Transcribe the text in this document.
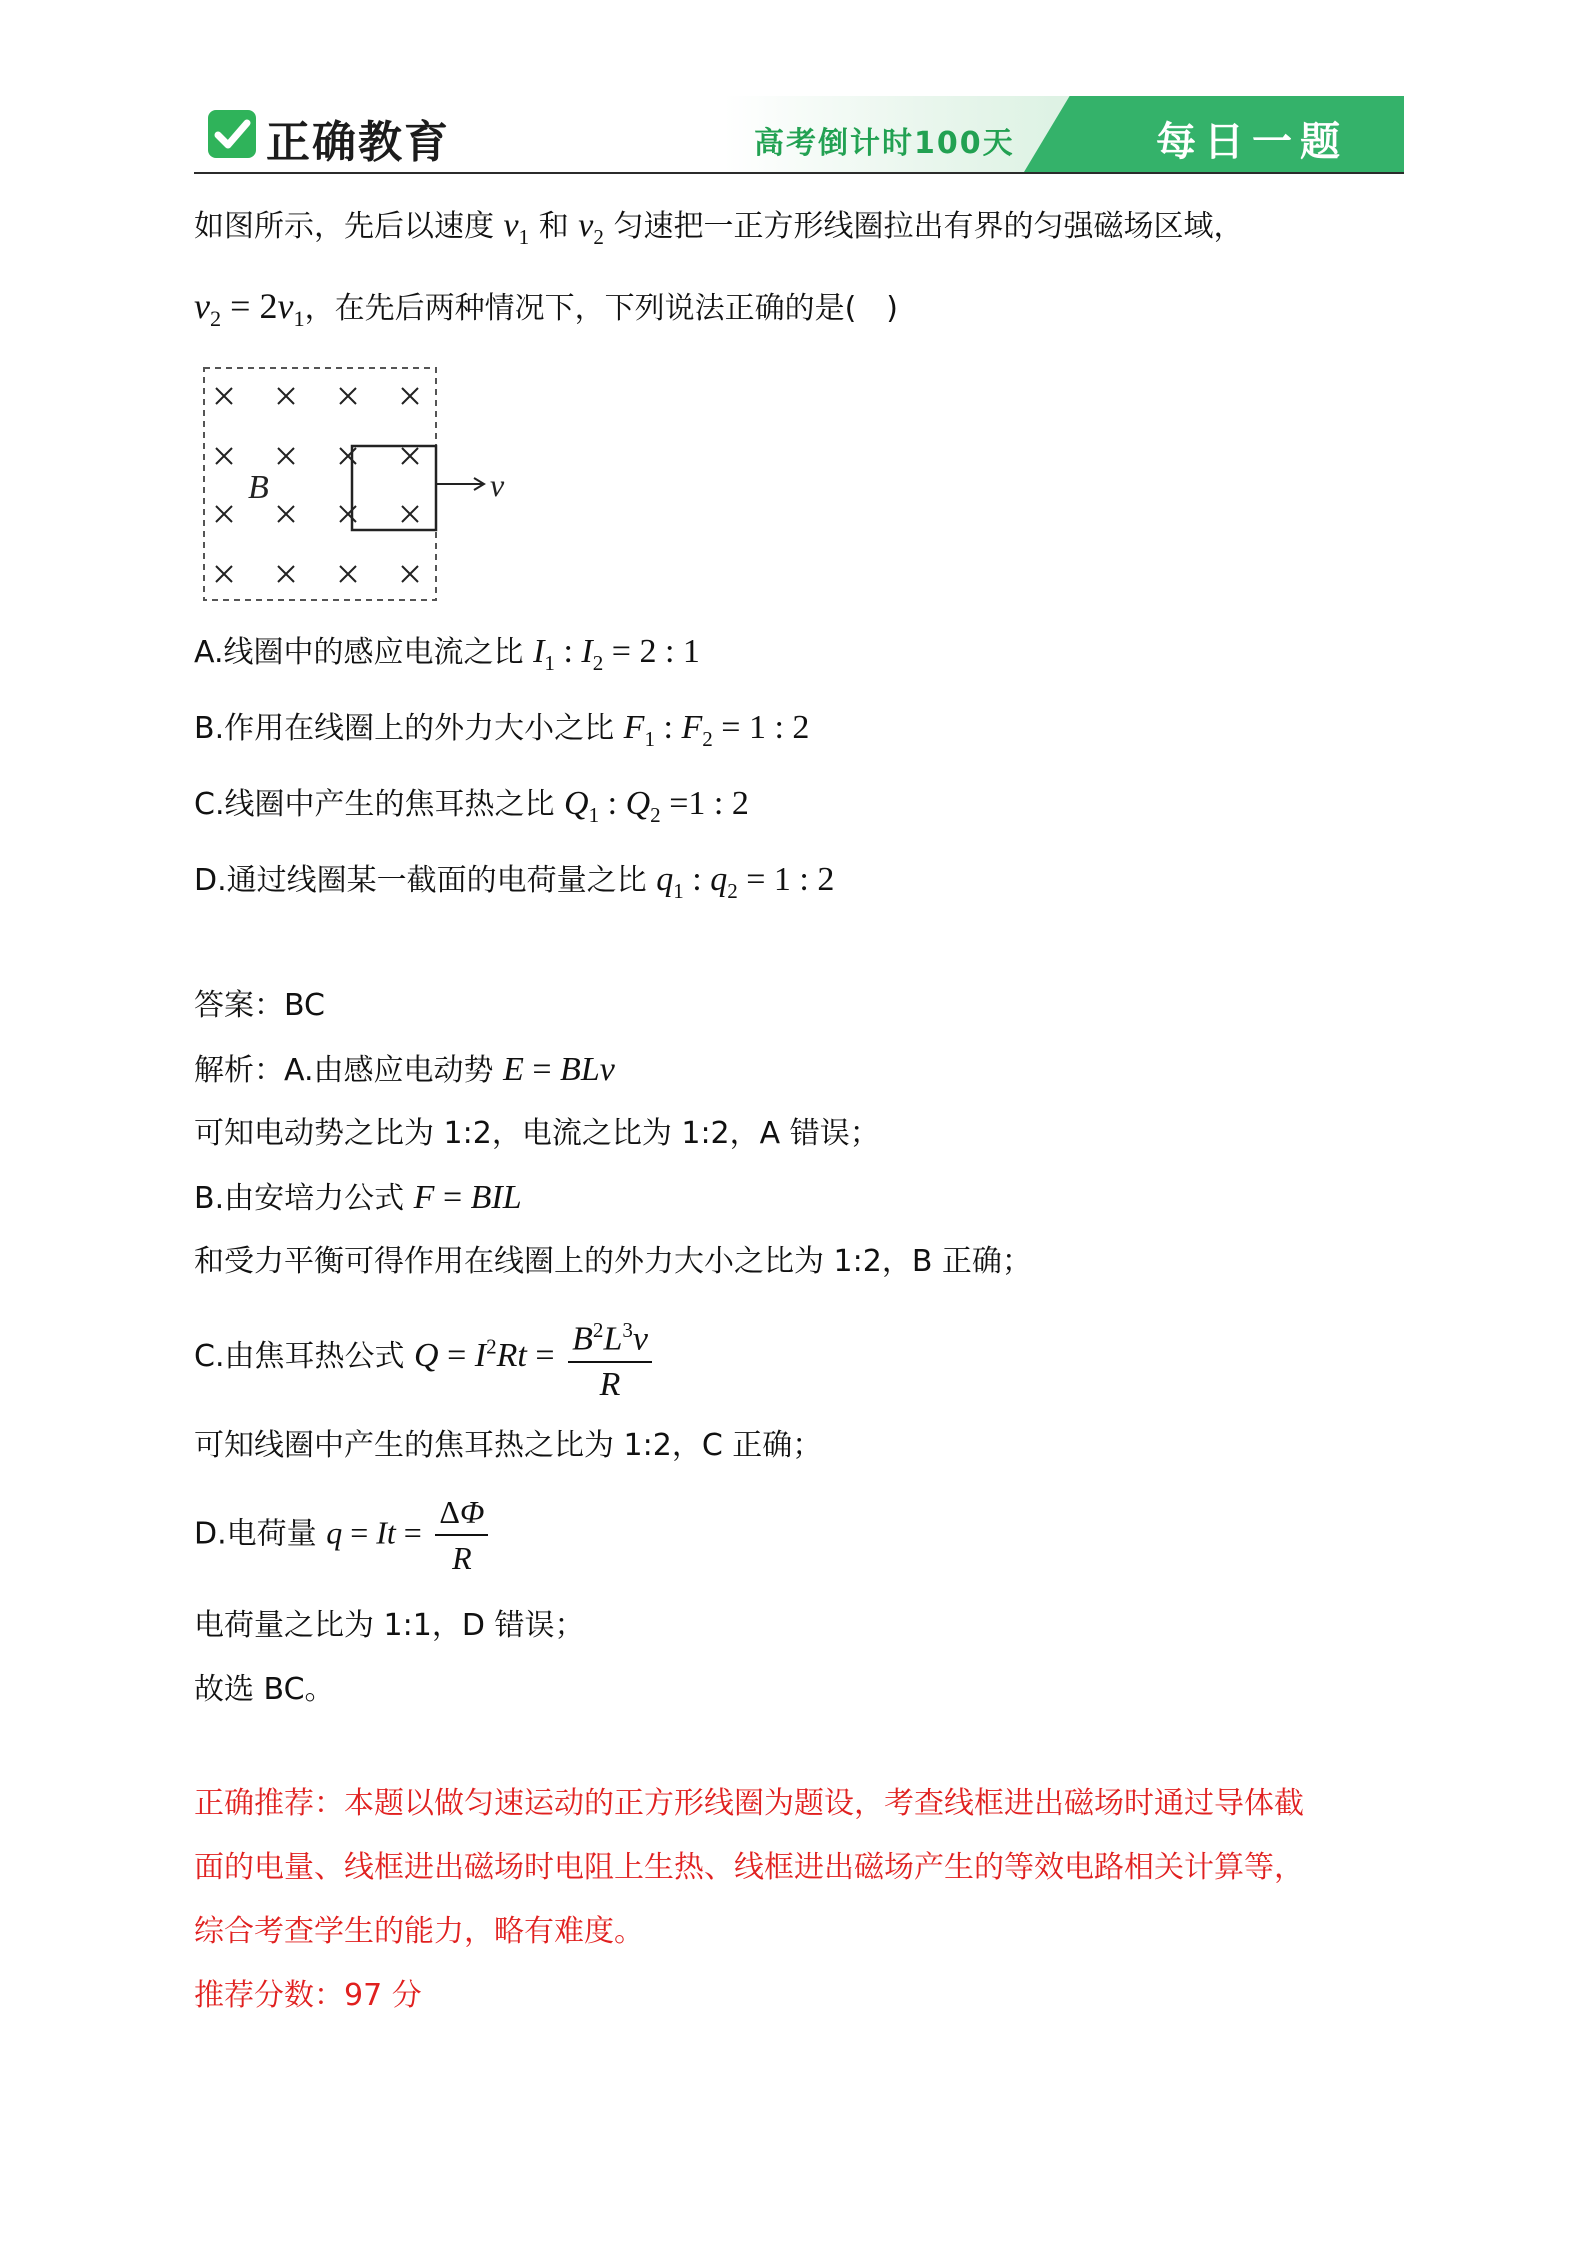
正确教育	高考倒计时100天	每日一题
如图所示，先后以速度 $v_1$ 和 $v_2$ 匀速把一正方形线圈拉出有界的匀强磁场区域，
$v_2 = 2v_1$，在先后两种情况下，下列说法正确的是(　)
B	v
A.线圈中的感应电流之比 $I_1$ : $I_2 = 2$ : 1
B.作用在线圈上的外力大小之比 $F_1$ : $F_2 = 1$ : 2
C.线圈中产生的焦耳热之比 $Q_1$ : $Q_2 =1$ : 2
D.通过线圈某一截面的电荷量之比 $q_1$ : $q_2 = 1$ : 2
答案：BC
解析：A.由感应电动势 E = BLv
可知电动势之比为 1:2，电流之比为 1:2，A 错误；
B.由安培力公式 F = BIL
和受力平衡可得作用在线圈上的外力大小之比为 1:2，B 正确；
C.由焦耳热公式 $Q = I^2Rt = \frac{B^2L^3v}{R}$
可知线圈中产生的焦耳热之比为 1:2，C 正确；
D.电荷量 $q = It = \frac{\Delta\Phi}{R}$
电荷量之比为 1:1，D 错误；
故选 BC。
正确推荐：本题以做匀速运动的正方形线圈为题设，考查线框进出磁场时通过导体截
面的电量、线框进出磁场时电阻上生热、线框进出磁场产生的等效电路相关计算等，
综合考查学生的能力，略有难度。
推荐分数：97 分
